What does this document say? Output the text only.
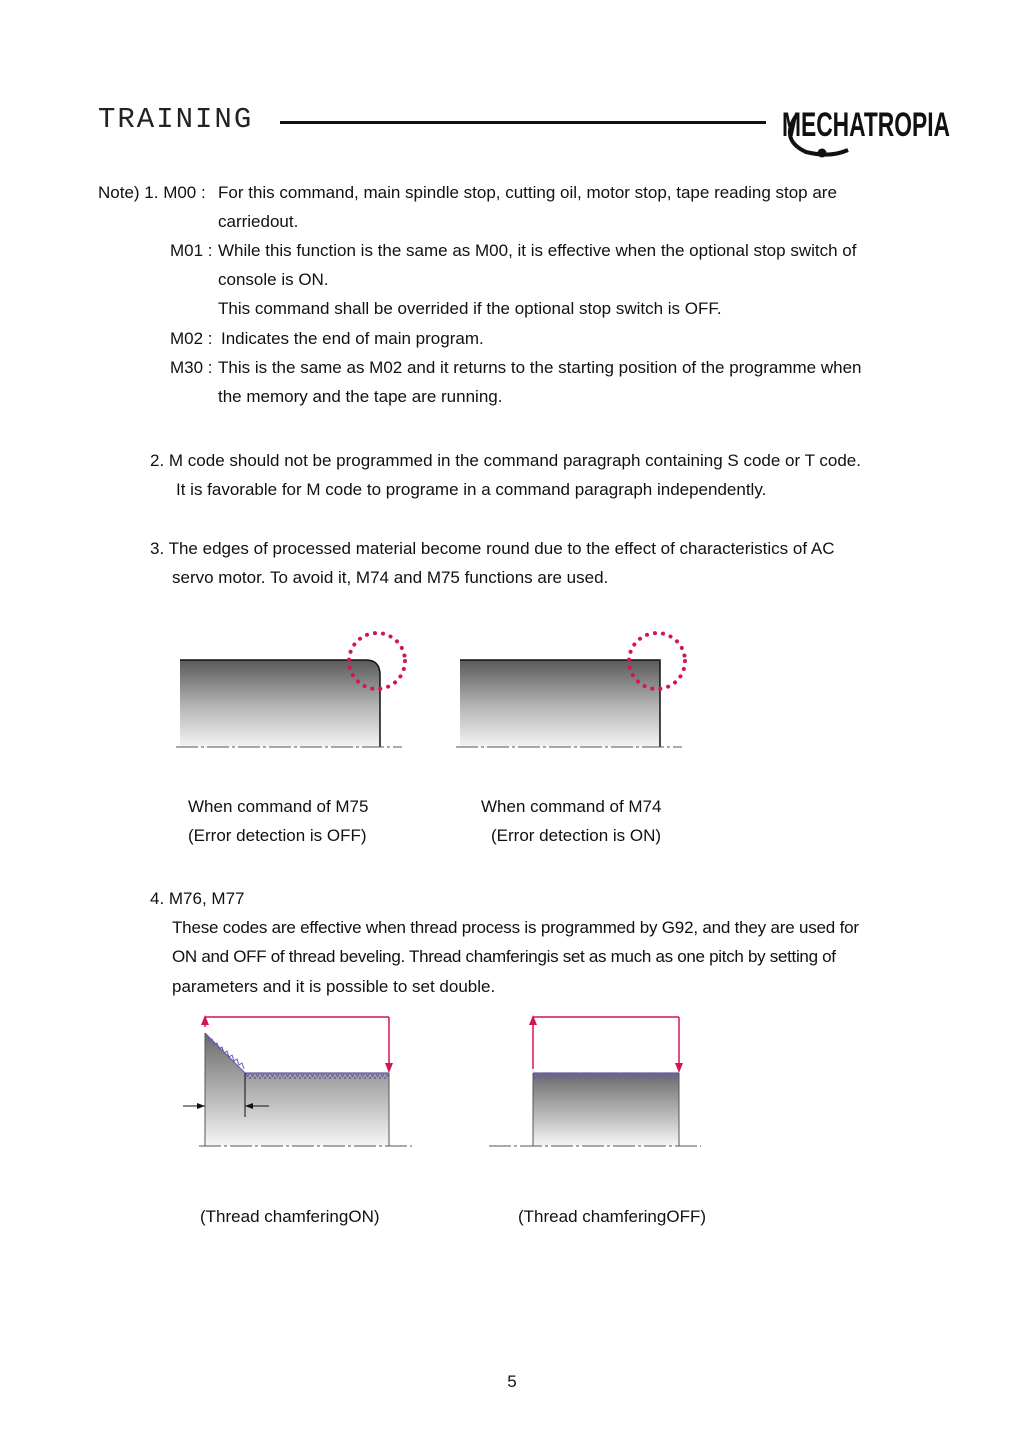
TRAINING	MECHATROPIA
Note) 1. M00 : For this command, main spindle stop, cutting oil, motor stop, tape reading stop are
carriedout.
M01 : While this function is the same as M00, it is effective when the optional stop switch of
console is ON.
This command shall be overrided if the optional stop switch is OFF.
M02 : Indicates the end of main program.
M30 : This is the same as M02 and it returns to the starting position of the programme when
the memory and the tape are running.
2. M code should not be programmed in the command paragraph containing S code or T code.
It is favorable for M code to programe in a command paragraph independently.
3. The edges of processed material become round due to the effect of characteristics of AC
servo motor. To avoid it, M74 and M75 functions are used.
When command of M75
(Error detection is OFF)
When command of M74
(Error detection is ON)
4. M76, M77
These codes are effective when thread process is programmed by G92, and they are used for
ON and OFF of thread beveling. Thread chamferingis set as much as one pitch by setting of
parameters and it is possible to set double.
(Thread chamferingON)	(Thread chamferingOFF)
5
